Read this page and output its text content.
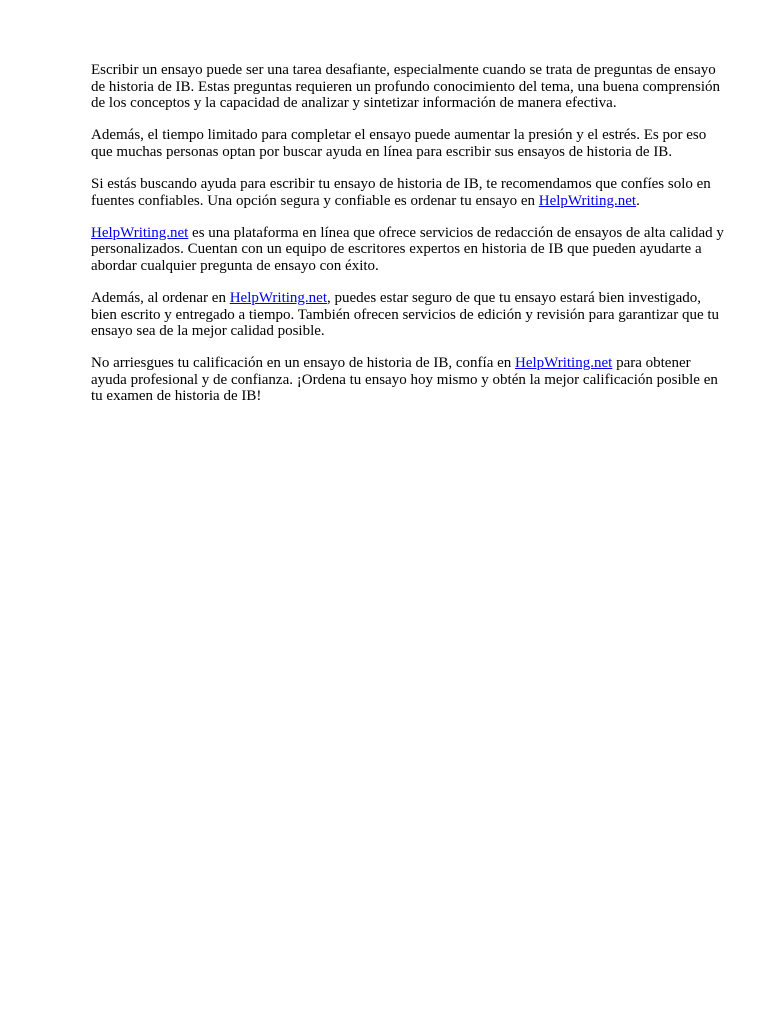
Escribir un ensayo puede ser una tarea desafiante, especialmente cuando se trata de preguntas de ensayo de historia de IB. Estas preguntas requieren un profundo conocimiento del tema, una buena comprensión de los conceptos y la capacidad de analizar y sintetizar información de manera efectiva.

Además, el tiempo limitado para completar el ensayo puede aumentar la presión y el estrés. Es por eso que muchas personas optan por buscar ayuda en línea para escribir sus ensayos de historia de IB.

Si estás buscando ayuda para escribir tu ensayo de historia de IB, te recomendamos que confíes solo en fuentes confiables. Una opción segura y confiable es ordenar tu ensayo en HelpWriting.net.

HelpWriting.net es una plataforma en línea que ofrece servicios de redacción de ensayos de alta calidad y personalizados. Cuentan con un equipo de escritores expertos en historia de IB que pueden ayudarte a abordar cualquier pregunta de ensayo con éxito.

Además, al ordenar en HelpWriting.net, puedes estar seguro de que tu ensayo estará bien investigado, bien escrito y entregado a tiempo. También ofrecen servicios de edición y revisión para garantizar que tu ensayo sea de la mejor calidad posible.

No arriesgues tu calificación en un ensayo de historia de IB, confía en HelpWriting.net para obtener ayuda profesional y de confianza. ¡Ordena tu ensayo hoy mismo y obtén la mejor calificación posible en tu examen de historia de IB!
